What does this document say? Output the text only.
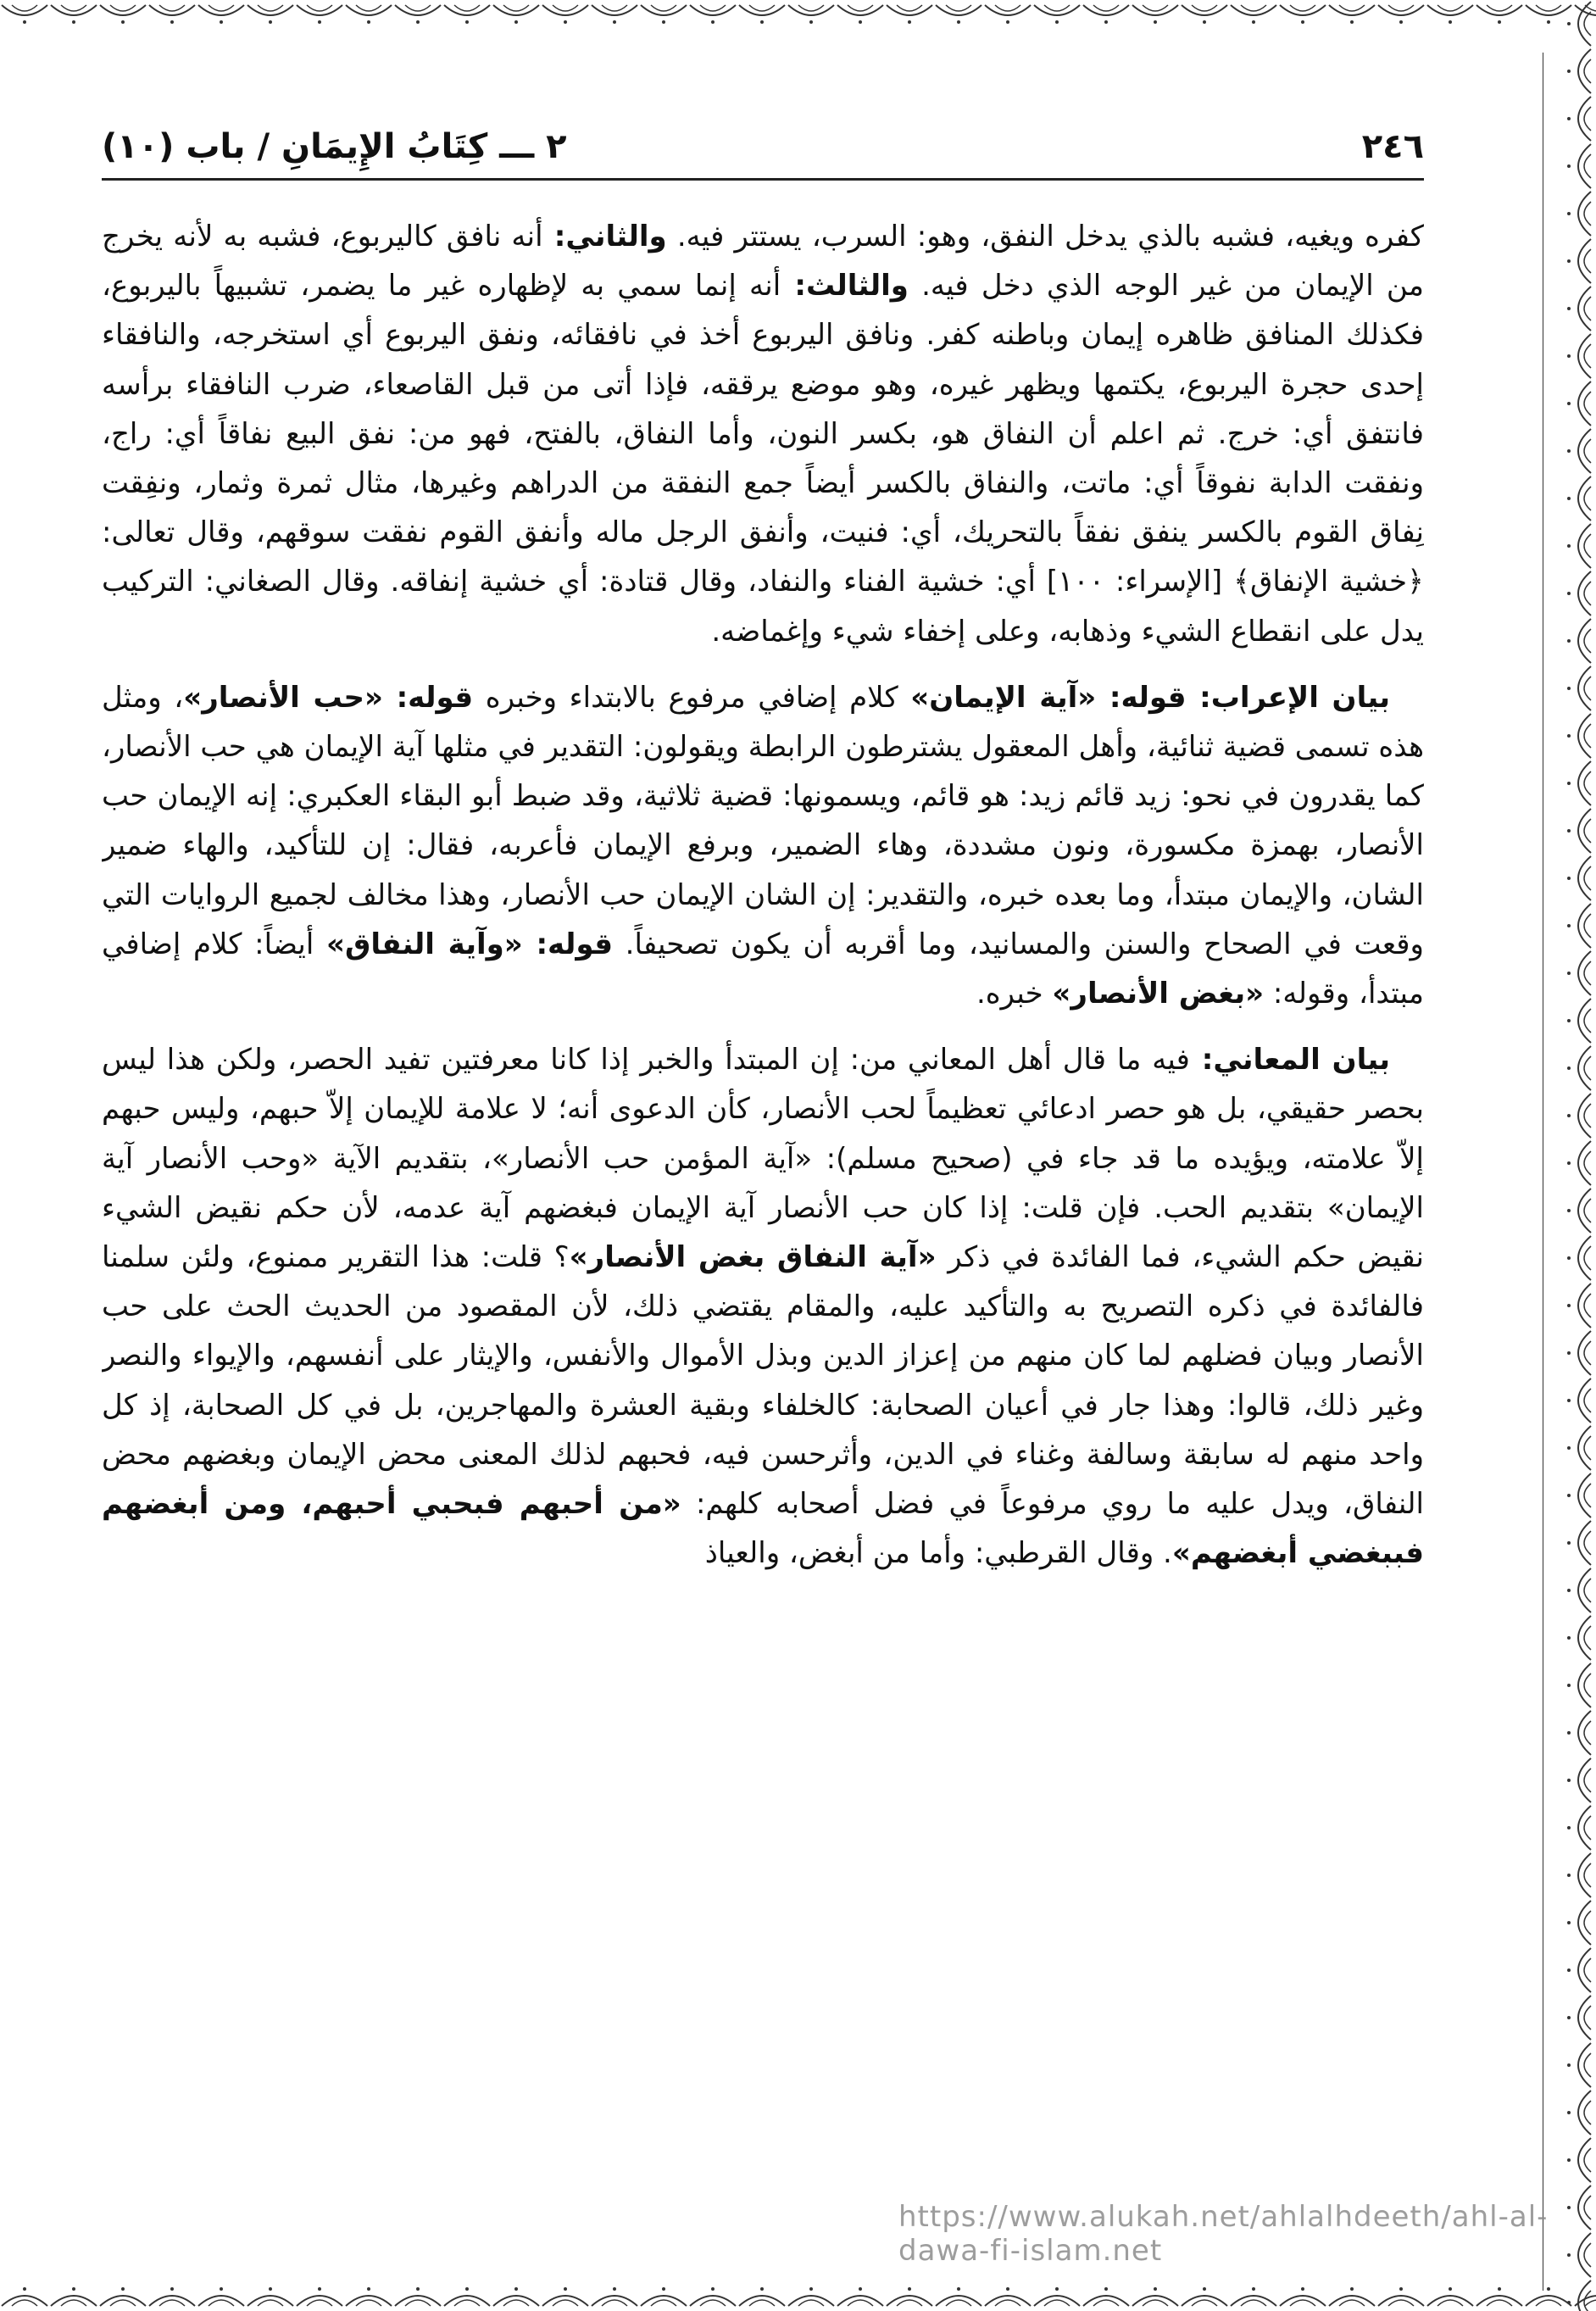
٢٤٦
٢ ـــ كِتَابُ الإِيمَانِ / باب (١٠)

كفره ويغيه، فشبه بالذي يدخل النفق، وهو: السرب، يستتر فيه. والثاني: أنه نافق كاليربوع، فشبه به لأنه يخرج من الإيمان من غير الوجه الذي دخل فيه. والثالث: أنه إنما سمي به لإظهاره غير ما يضمر، تشبيهاً باليربوع، فكذلك المنافق ظاهره إيمان وباطنه كفر. ونافق اليربوع أخذ في نافقائه، ونفق اليربوع أي استخرجه، والنافقاء إحدى حجرة اليربوع، يكتمها ويظهر غيره، وهو موضع يرققه، فإذا أتى من قبل القاصعاء، ضرب النافقاء برأسه فانتفق أي: خرج. ثم اعلم أن النفاق هو، بكسر النون، وأما النفاق، بالفتح، فهو من: نفق البيع نفاقاً أي: راج، ونفقت الدابة نفوقاً أي: ماتت، والنفاق بالكسر أيضاً جمع النفقة من الدراهم وغيرها، مثال ثمرة وثمار، ونفِقت نِفاق القوم بالكسر ينفق نفقاً بالتحريك، أي: فنيت، وأنفق الرجل ماله وأنفق القوم نفقت سوقهم، وقال تعالى: ﴿خشية الإنفاق﴾ [الإسراء: ١٠٠] أي: خشية الفناء والنفاد، وقال قتادة: أي خشية إنفاقه. وقال الصغاني: التركيب يدل على انقطاع الشيء وذهابه، وعلى إخفاء شيء وإغماضه.

بيان الإعراب: قوله: «آية الإيمان» كلام إضافي مرفوع بالابتداء وخبره قوله: «حب الأنصار»، ومثل هذه تسمى قضية ثنائية، وأهل المعقول يشترطون الرابطة ويقولون: التقدير في مثلها آية الإيمان هي حب الأنصار، كما يقدرون في نحو: زيد قائم زيد: هو قائم، ويسمونها: قضية ثلاثية، وقد ضبط أبو البقاء العكبري: إنه الإيمان حب الأنصار، بهمزة مكسورة، ونون مشددة، وهاء الضمير، وبرفع الإيمان فأعربه، فقال: إن للتأكيد، والهاء ضمير الشان، والإيمان مبتدأ، وما بعده خبره، والتقدير: إن الشان الإيمان حب الأنصار، وهذا مخالف لجميع الروايات التي وقعت في الصحاح والسنن والمسانيد، وما أقربه أن يكون تصحيفاً. قوله: «وآية النفاق» أيضاً: كلام إضافي مبتدأ، وقوله: «بغض الأنصار» خبره.

بيان المعاني: فيه ما قال أهل المعاني من: إن المبتدأ والخبر إذا كانا معرفتين تفيد الحصر، ولكن هذا ليس بحصر حقيقي، بل هو حصر ادعائي تعظيماً لحب الأنصار، كأن الدعوى أنه؛ لا علامة للإيمان إلاّ حبهم، وليس حبهم إلاّ علامته، ويؤيده ما قد جاء في (صحيح مسلم): «آية المؤمن حب الأنصار»، بتقديم الآية «وحب الأنصار آية الإيمان» بتقديم الحب. فإن قلت: إذا كان حب الأنصار آية الإيمان فبغضهم آية عدمه، لأن حكم نقيض الشيء نقيض حكم الشيء، فما الفائدة في ذكر «آية النفاق بغض الأنصار»؟ قلت: هذا التقرير ممنوع، ولئن سلمنا فالفائدة في ذكره التصريح به والتأكيد عليه، والمقام يقتضي ذلك، لأن المقصود من الحديث الحث على حب الأنصار وبيان فضلهم لما كان منهم من إعزاز الدين وبذل الأموال والأنفس، والإيثار على أنفسهم، والإيواء والنصر وغير ذلك، قالوا: وهذا جار في أعيان الصحابة: كالخلفاء وبقية العشرة والمهاجرين، بل في كل الصحابة، إذ كل واحد منهم له سابقة وسالفة وغناء في الدين، وأثرحسن فيه، فحبهم لذلك المعنى محض الإيمان وبغضهم محض النفاق، ويدل عليه ما روي مرفوعاً في فضل أصحابه كلهم: «من أحبهم فبحبي أحبهم، ومن أبغضهم فببغضي أبغضهم». وقال القرطبي: وأما من أبغض، والعياذ

https://www.alukah.net/ahlalhdeeth/ahl-al-dawa-fi-islam.net
